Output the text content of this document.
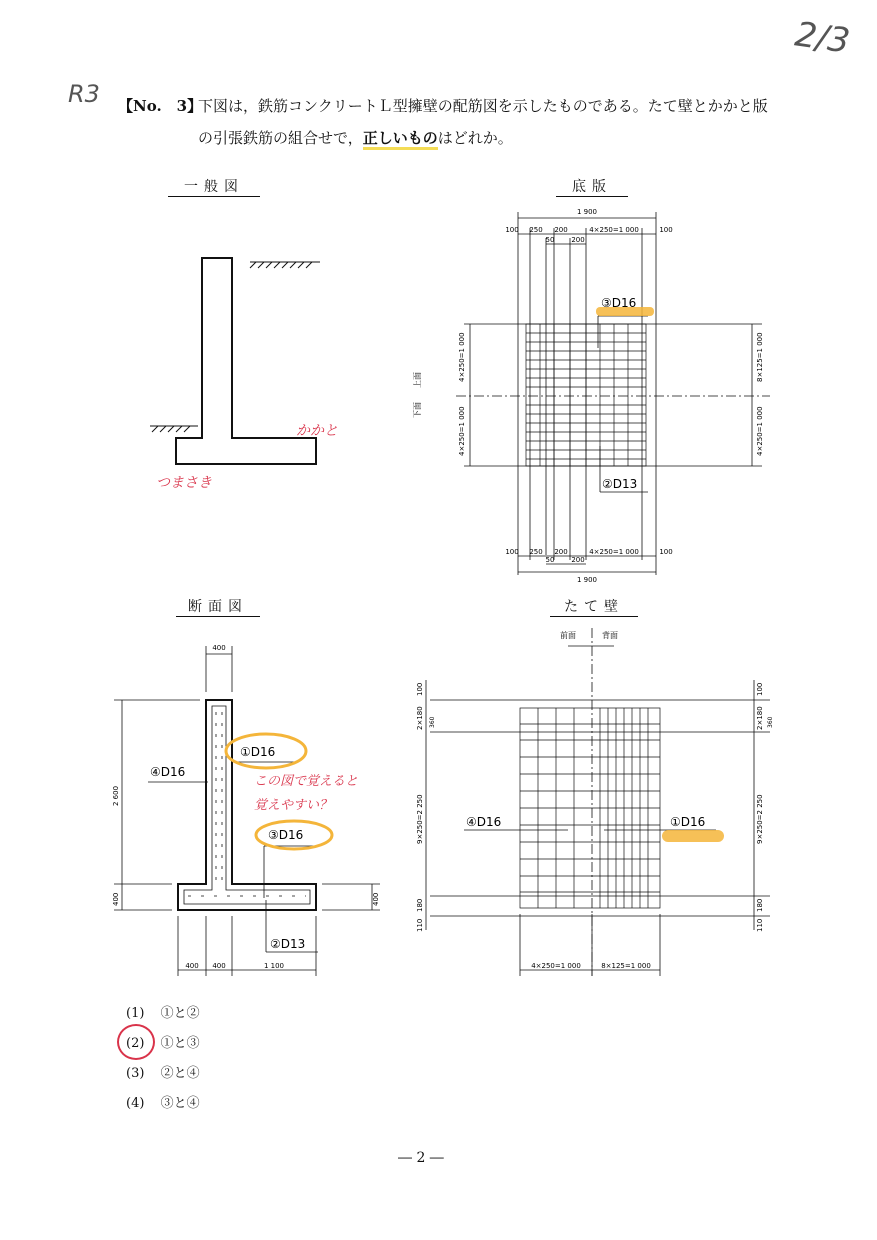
2/3
R3 【No.　3】
下図は，鉄筋コンクリートＬ型擁壁の配筋図を示したものである。たて壁とかかと版
の引張鉄筋の組合せで，正しいものはどれか。
一般図	底版
断面図	たて壁
かかと
つまさき
1 900
100 250 200	4×250=1 000	100
50 200
③D16
②D13
4×250=1 000
4×250=1 000
8×125=1 000
4×250=1 000
上面
下面
100 250 200	4×250=1 000	100
50 200
1 900
400
2 600
400	400
400 400	1 100
①D16
④D16
③D16
②D13
この図で覚えると
覚えやすい？
前面	背面
100
2×180 360
9×250=2 250
180
110
100
2×180 360
9×250=2 250
180
110
4×250=1 000	8×125=1 000
④D16	①D16
(1) ①と②
(2) ①と③
(3) ②と④
(4) ③と④
― 2 ―
